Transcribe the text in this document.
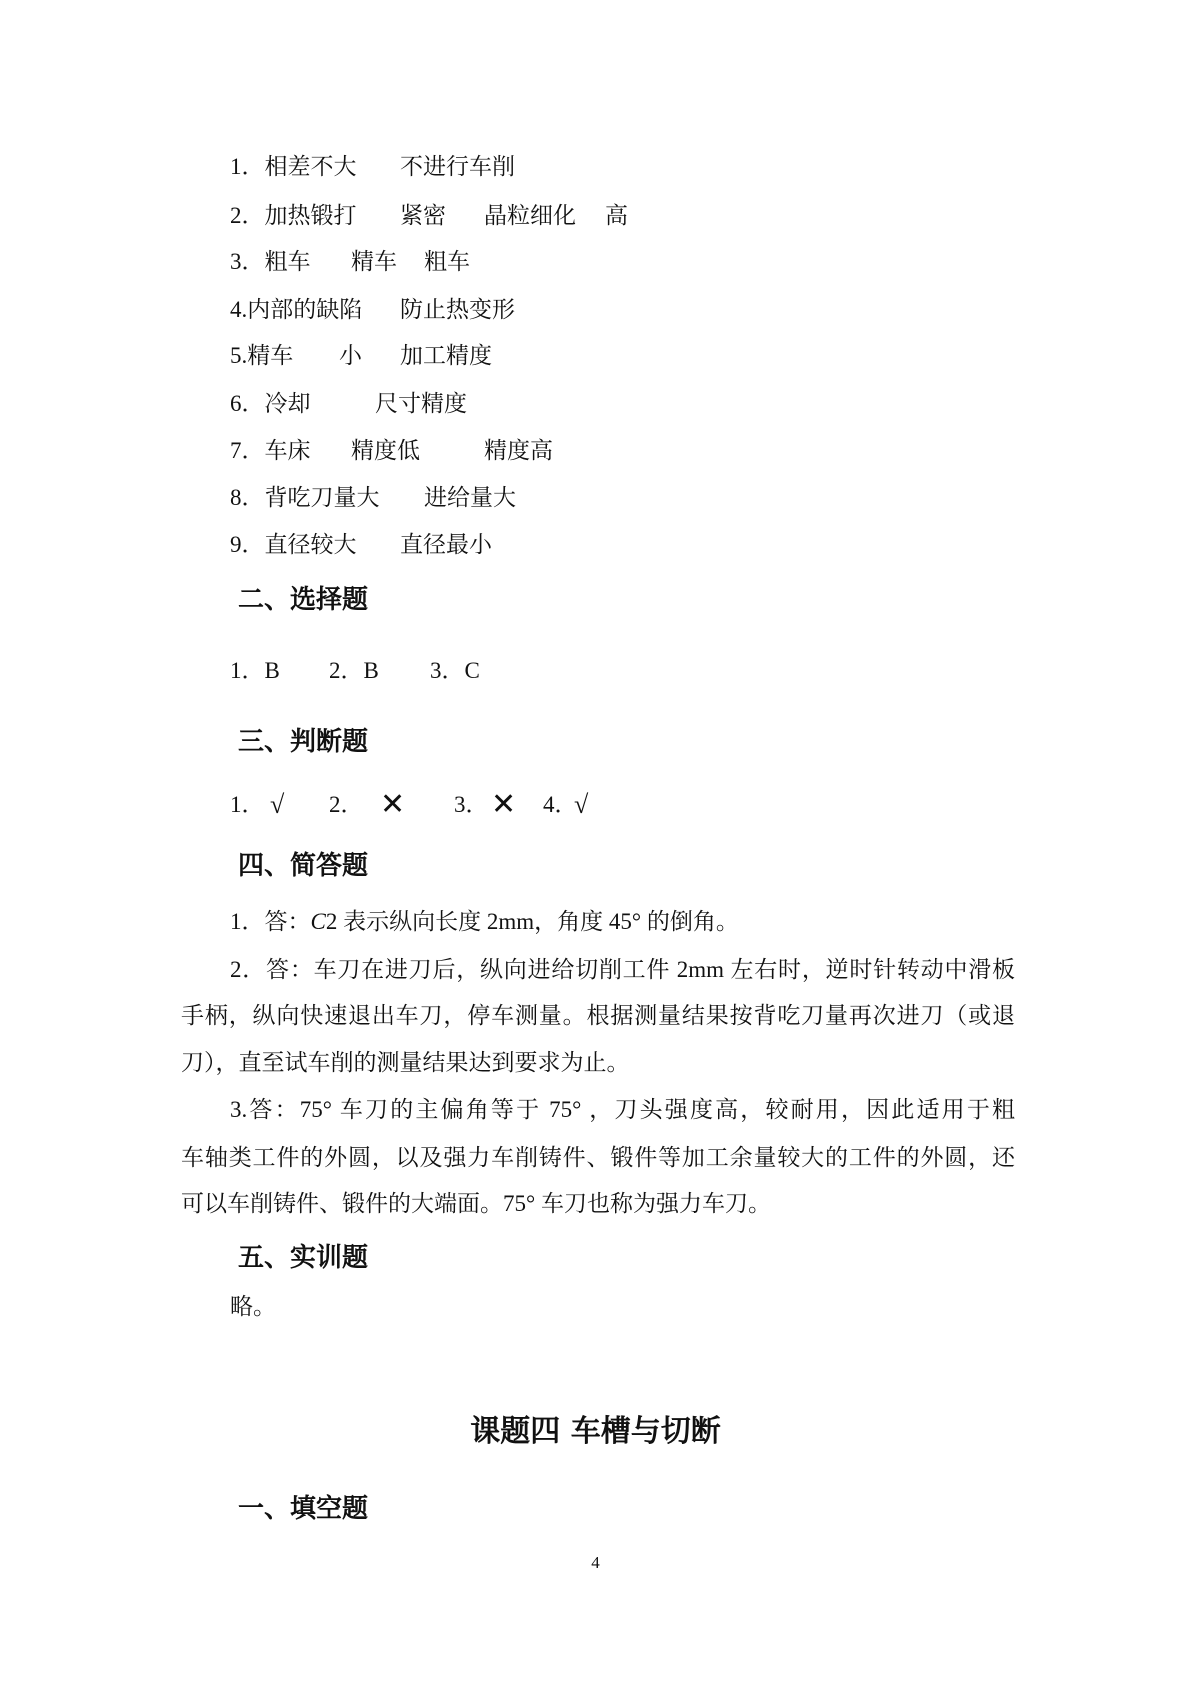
1．相差不大 不进行车削
2．加热锻打 紧密 晶粒细化 高
3．粗车 精车 粗车
4.内部的缺陷 防止热变形
5.精车 小 加工精度
6．冷却	尺寸精度
7．车床 精度低	精度高
8．背吃刀量大 进给量大
9．直径较大 直径最小
二、选择题
1．B 2．B 3．C
三、判断题
1． √ 2． ✕ 3． ✕ 4．
√
四、简答题
1．答：C2 表示纵向长度 2mm，角度 45° 的倒角。
2．答：车刀在进刀后，纵向进给切削工件 2mm 左右时，逆时针转动中滑板
手柄，纵向快速退出车刀，停车测量。根据测量结果按背吃刀量再次进刀（或退
刀），直至试车削的测量结果达到要求为止。
3.答：75° 车刀的主偏角等于 75° ，刀头强度高，较耐用，因此适用于粗
车轴类工件的外圆，以及强力车削铸件、锻件等加工余量较大的工件的外圆，还
可以车削铸件、锻件的大端面。75° 车刀也称为强力车刀。
五、实训题
略。
课题四 车槽与切断
一、填空题
4
